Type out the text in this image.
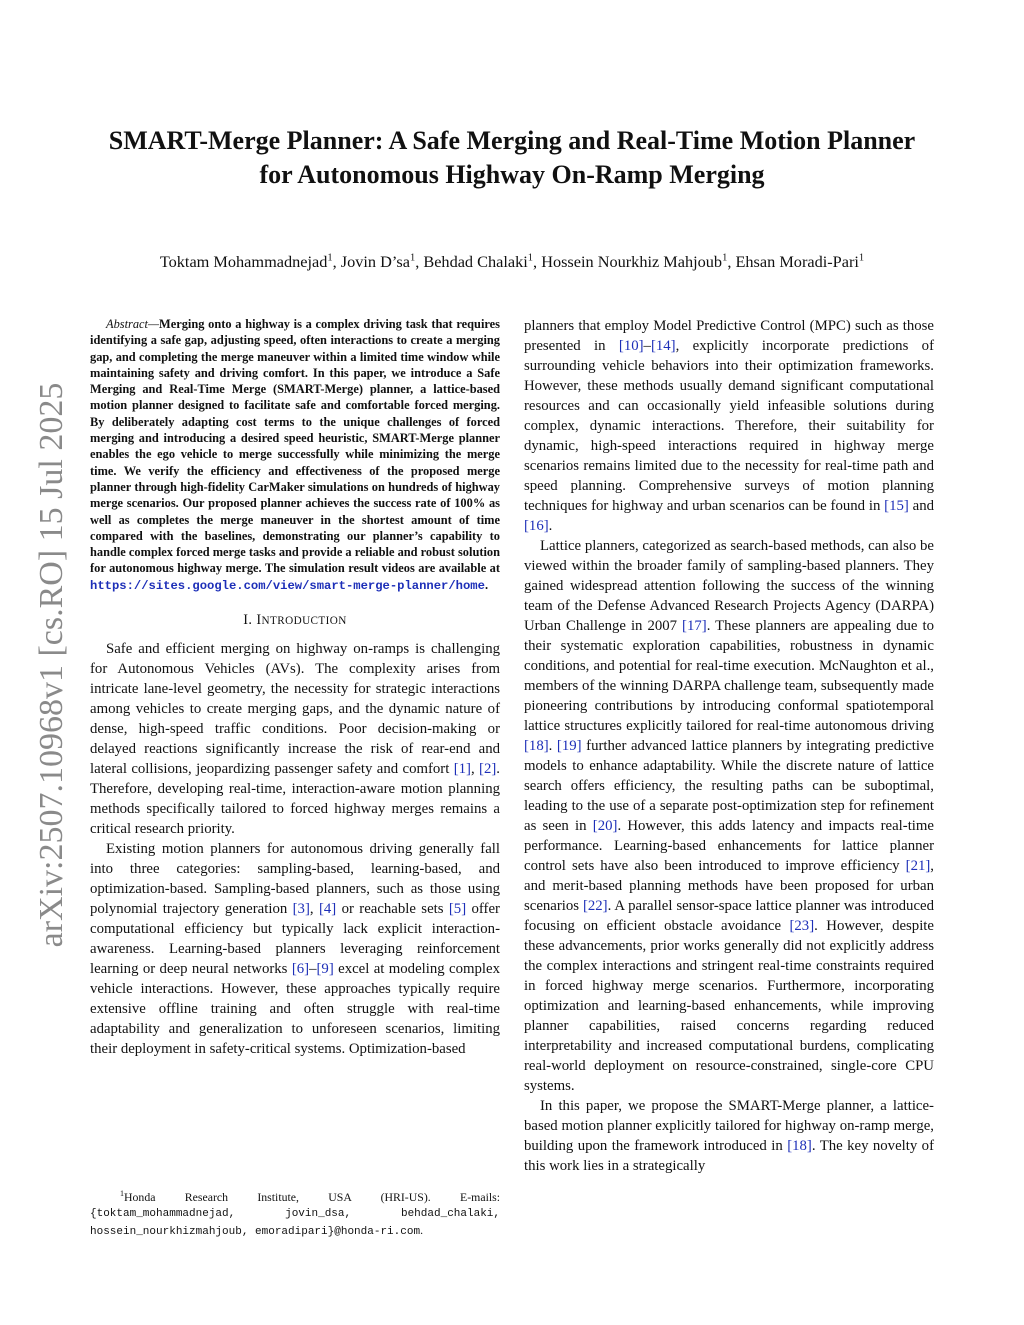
arXiv:2507.10968v1 [cs.RO] 15 Jul 2025
SMART-Merge Planner: A Safe Merging and Real-Time Motion Planner for Autonomous Highway On-Ramp Merging
Toktam Mohammadnejad$^1$, Jovin $D’sa^1$, Behdad Chalaki$^1$, Hossein Nourkhiz Mahjoub$^1$, Ehsan Moradi-Pari$^1$

Abstract—Merging onto a highway is a complex driving task that requires identifying a safe gap, adjusting speed, often interactions to create a merging gap, and completing the merge maneuver within a limited time window while maintaining safety and driving comfort. In this paper, we introduce a Safe Merging and Real-Time Merge (SMART-Merge) planner, a lattice-based motion planner designed to facilitate safe and comfortable forced merging. By deliberately adapting cost terms to the unique challenges of forced merging and introducing a desired speed heuristic, SMART-Merge planner enables the ego vehicle to merge successfully while minimizing the merge time. We verify the efficiency and effectiveness of the proposed merge planner through high-fidelity CarMaker simulations on hundreds of highway merge scenarios. Our proposed planner achieves the success rate of 100% as well as completes the merge maneuver in the shortest amount of time compared with the baselines, demonstrating our planner’s capability to handle complex forced merge tasks and provide a reliable and robust solution for autonomous highway merge. The simulation result videos are available at https://sites.google.com/view/smart-merge-planner/home.

I. INTRODUCTION

Safe and efficient merging on highway on-ramps is challenging for Autonomous Vehicles (AVs). The complexity arises from intricate lane-level geometry, the necessity for strategic interactions among vehicles to create merging gaps, and the dynamic nature of dense, high-speed traffic conditions. Poor decision-making or delayed reactions significantly increase the risk of rear-end and lateral collisions, jeopardizing passenger safety and comfort [1], [2]. Therefore, developing real-time, interaction-aware motion planning methods specifically tailored to forced highway merges remains a critical research priority.

Existing motion planners for autonomous driving generally fall into three categories: sampling-based, learning-based, and optimization-based. Sampling-based planners, such as those using polynomial trajectory generation [3], [4] or reachable sets [5] offer computational efficiency but typically lack explicit interaction-awareness. Learning-based planners leveraging reinforcement learning or deep neural networks [6]–[9] excel at modeling complex vehicle interactions. However, these approaches typically require extensive offline training and often struggle with real-time adaptability and generalization to unforeseen scenarios, limiting their deployment in safety-critical systems. Optimization-based

planners that employ Model Predictive Control (MPC) such as those presented in [10]–[14], explicitly incorporate predictions of surrounding vehicle behaviors into their optimization frameworks. However, these methods usually demand significant computational resources and can occasionally yield infeasible solutions during complex, dynamic interactions. Therefore, their suitability for dynamic, high-speed interactions required in highway merge scenarios remains limited due to the necessity for real-time path and speed planning. Comprehensive surveys of motion planning techniques for highway and urban scenarios can be found in [15] and [16].

Lattice planners, categorized as search-based methods, can also be viewed within the broader family of sampling-based planners. They gained widespread attention following the success of the winning team of the Defense Advanced Research Projects Agency (DARPA) Urban Challenge in 2007 [17]. These planners are appealing due to their systematic exploration capabilities, robustness in dynamic conditions, and potential for real-time execution. McNaughton et al., members of the winning DARPA challenge team, subsequently made pioneering contributions by introducing conformal spatiotemporal lattice structures explicitly tailored for real-time autonomous driving [18]. [19] further advanced lattice planners by integrating predictive models to enhance adaptability. While the discrete nature of lattice search offers efficiency, the resulting paths can be suboptimal, leading to the use of a separate post-optimization step for refinement as seen in [20]. However, this adds latency and impacts real-time performance. Learning-based enhancements for lattice planner control sets have also been introduced to improve efficiency [21], and merit-based planning methods have been proposed for urban scenarios [22]. A parallel sensor-space lattice planner was introduced focusing on efficient obstacle avoidance [23]. However, despite these advancements, prior works generally did not explicitly address the complex interactions and stringent real-time constraints required in forced highway merge scenarios. Furthermore, incorporating optimization and learning-based enhancements, while improving planner capabilities, raised concerns regarding reduced interpretability and increased computational burdens, complicating real-world deployment on resource-constrained, single-core CPU systems.

In this paper, we propose the SMART-Merge planner, a lattice-based motion planner explicitly tailored for highway on-ramp merge, building upon the framework introduced in [18]. The key novelty of this work lies in a strategically

$^1$Honda Research Institute, USA (HRI-US). E-mails: {toktam_mohammadnejad, jovin_dsa, behdad_chalaki, hossein_nourkhizmahjoub, emoradipari}@honda-ri.com.
